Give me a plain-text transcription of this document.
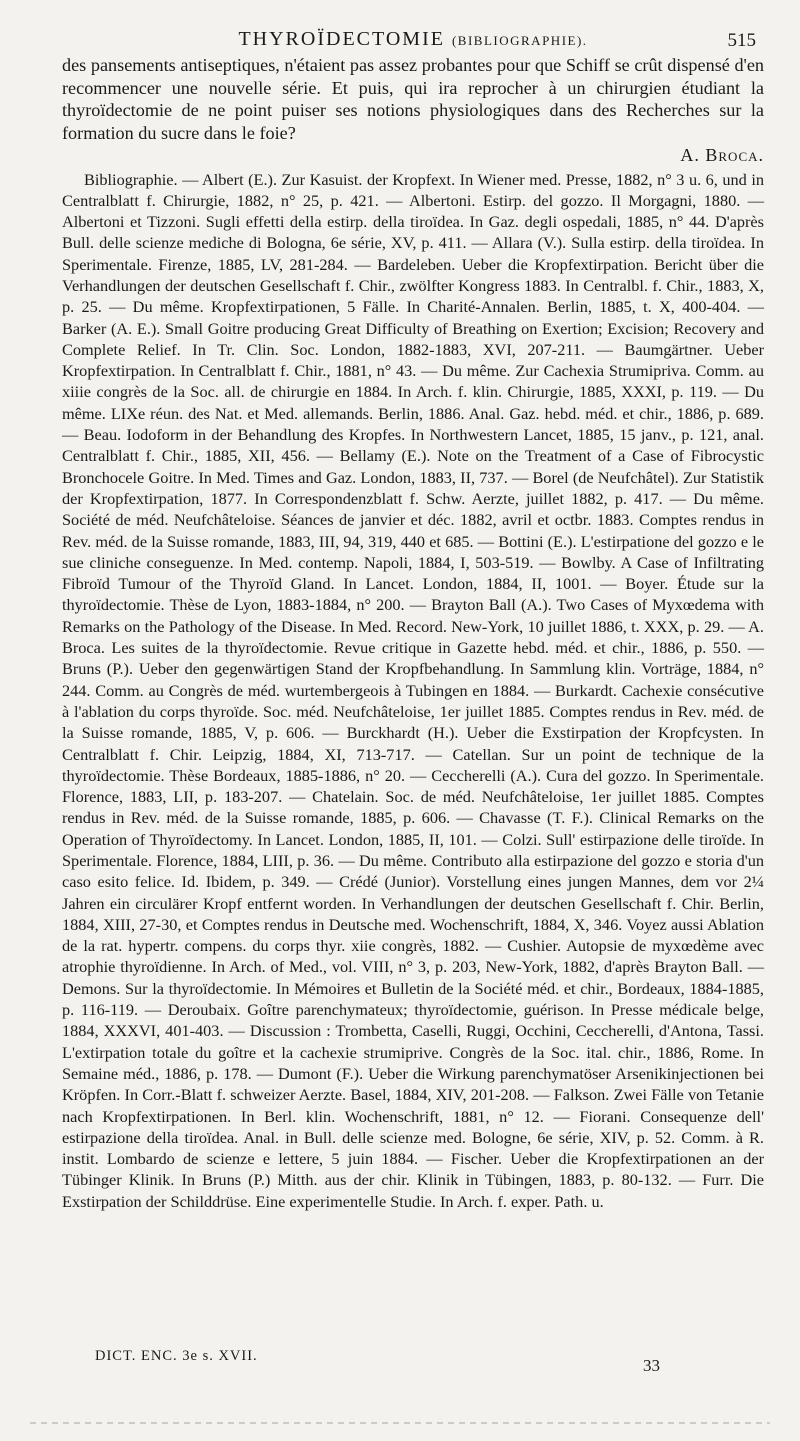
THYROÏDECTOMIE (BIBLIOGRAPHIE).	515

des pansements antiseptiques, n'étaient pas assez probantes pour que Schiff se crût dispensé d'en recommencer une nouvelle série. Et puis, qui ira reprocher à un chirurgien étudiant la thyroïdectomie de ne point puiser ses notions physiologiques dans des Recherches sur la formation du sucre dans le foie?

A. Broca.

Bibliographie. — Albert (E.). Zur Kasuist. der Kropfext. In Wiener med. Presse, 1882, n° 3 u. 6, und in Centralblatt f. Chirurgie, 1882, n° 25, p. 421. — Albertoni. Estirp. del gozzo. Il Morgagni, 1880. — Albertoni et Tizzoni. Sugli effetti della estirp. della tiroïdea. In Gaz. degli ospedali, 1885, n° 44. D'après Bull. delle scienze mediche di Bologna, 6e série, XV, p. 411. — Allara (V.). Sulla estirp. della tiroïdea. In Sperimentale. Firenze, 1885, LV, 281-284. — Bardeleben. Ueber die Kropfextirpation. Bericht über die Verhandlungen der deutschen Gesellschaft f. Chir., zwölfter Kongress 1883. In Centralbl. f. Chir., 1883, X, p. 25. — Du même. Kropfextirpationen, 5 Fälle. In Charité-Annalen. Berlin, 1885, t. X, 400-404. — Barker (A. E.). Small Goitre producing Great Difficulty of Breathing on Exertion; Excision; Recovery and Complete Relief. In Tr. Clin. Soc. London, 1882-1883, XVI, 207-211. — Baumgärtner. Ueber Kropfextirpation. In Centralblatt f. Chir., 1881, n° 43. — Du même. Zur Cachexia Strumipriva. Comm. au xiiie congrès de la Soc. all. de chirurgie en 1884. In Arch. f. klin. Chirurgie, 1885, XXXI, p. 119. — Du même. LIXe réun. des Nat. et Med. allemands. Berlin, 1886. Anal. Gaz. hebd. méd. et chir., 1886, p. 689. — Beau. Iodoform in der Behandlung des Kropfes. In Northwestern Lancet, 1885, 15 janv., p. 121, anal. Centralblatt f. Chir., 1885, XII, 456. — Bellamy (E.). Note on the Treatment of a Case of Fibrocystic Bronchocele Goitre. In Med. Times and Gaz. London, 1883, II, 737. — Borel (de Neufchâtel). Zur Statistik der Kropfextirpation, 1877. In Correspondenzblatt f. Schw. Aerzte, juillet 1882, p. 417. — Du même. Société de méd. Neufchâteloise. Séances de janvier et déc. 1882, avril et octbr. 1883. Comptes rendus in Rev. méd. de la Suisse romande, 1883, III, 94, 319, 440 et 685. — Bottini (E.). L'estirpatione del gozzo e le sue cliniche conseguenze. In Med. contemp. Napoli, 1884, I, 503-519. — Bowlby. A Case of Infiltrating Fibroïd Tumour of the Thyroïd Gland. In Lancet. London, 1884, II, 1001. — Boyer. Étude sur la thyroïdectomie. Thèse de Lyon, 1883-1884, n° 200. — Brayton Ball (A.). Two Cases of Myxœdema with Remarks on the Pathology of the Disease. In Med. Record. New-York, 10 juillet 1886, t. XXX, p. 29. — A. Broca. Les suites de la thyroïdectomie. Revue critique in Gazette hebd. méd. et chir., 1886, p. 550. — Bruns (P.). Ueber den gegenwärtigen Stand der Kropfbehandlung. In Sammlung klin. Vorträge, 1884, n° 244. Comm. au Congrès de méd. wurtembergeois à Tubingen en 1884. — Burkardt. Cachexie consécutive à l'ablation du corps thyroïde. Soc. méd. Neufchâteloise, 1er juillet 1885. Comptes rendus in Rev. méd. de la Suisse romande, 1885, V, p. 606. — Burckhardt (H.). Ueber die Exstirpation der Kropfcysten. In Centralblatt f. Chir. Leipzig, 1884, XI, 713-717. — Catellan. Sur un point de technique de la thyroïdectomie. Thèse Bordeaux, 1885-1886, n° 20. — Ceccherelli (A.). Cura del gozzo. In Sperimentale. Florence, 1883, LII, p. 183-207. — Chatelain. Soc. de méd. Neufchâteloise, 1er juillet 1885. Comptes rendus in Rev. méd. de la Suisse romande, 1885, p. 606. — Chavasse (T. F.). Clinical Remarks on the Operation of Thyroïdectomy. In Lancet. London, 1885, II, 101. — Colzi. Sull' estirpazione delle tiroïde. In Sperimentale. Florence, 1884, LIII, p. 36. — Du même. Contributo alla estirpazione del gozzo e storia d'un caso esito felice. Id. Ibidem, p. 349. — Crédé (Junior). Vorstellung eines jungen Mannes, dem vor 2¼ Jahren ein circulärer Kropf entfernt worden. In Verhandlungen der deutschen Gesellschaft f. Chir. Berlin, 1884, XIII, 27-30, et Comptes rendus in Deutsche med. Wochenschrift, 1884, X, 346. Voyez aussi Ablation de la rat. hypertr. compens. du corps thyr. xiie congrès, 1882. — Cushier. Autopsie de myxœdème avec atrophie thyroïdienne. In Arch. of Med., vol. VIII, n° 3, p. 203, New-York, 1882, d'après Brayton Ball. — Demons. Sur la thyroïdectomie. In Mémoires et Bulletin de la Société méd. et chir., Bordeaux, 1884-1885, p. 116-119. — Deroubaix. Goître parenchymateux; thyroïdectomie, guérison. In Presse médicale belge, 1884, XXXVI, 401-403. — Discussion : Trombetta, Caselli, Ruggi, Occhini, Ceccherelli, d'Antona, Tassi. L'extirpation totale du goître et la cachexie strumiprive. Congrès de la Soc. ital. chir., 1886, Rome. In Semaine méd., 1886, p. 178. — Dumont (F.). Ueber die Wirkung parenchymatöser Arsenikinjectionen bei Kröpfen. In Corr.-Blatt f. schweizer Aerzte. Basel, 1884, XIV, 201-208. — Falkson. Zwei Fälle von Tetanie nach Kropfextirpationen. In Berl. klin. Wochenschrift, 1881, n° 12. — Fiorani. Consequenze dell' estirpazione della tiroïdea. Anal. in Bull. delle scienze med. Bologne, 6e série, XIV, p. 52. Comm. à R. instit. Lombardo de scienze e lettere, 5 juin 1884. — Fischer. Ueber die Kropfextirpationen an der Tübinger Klinik. In Bruns (P.) Mitth. aus der chir. Klinik in Tübingen, 1883, p. 80-132. — Furr. Die Exstirpation der Schilddrüse. Eine experimentelle Studie. In Arch. f. exper. Path. u.

DICT. ENC. 3e s. XVII.	33
